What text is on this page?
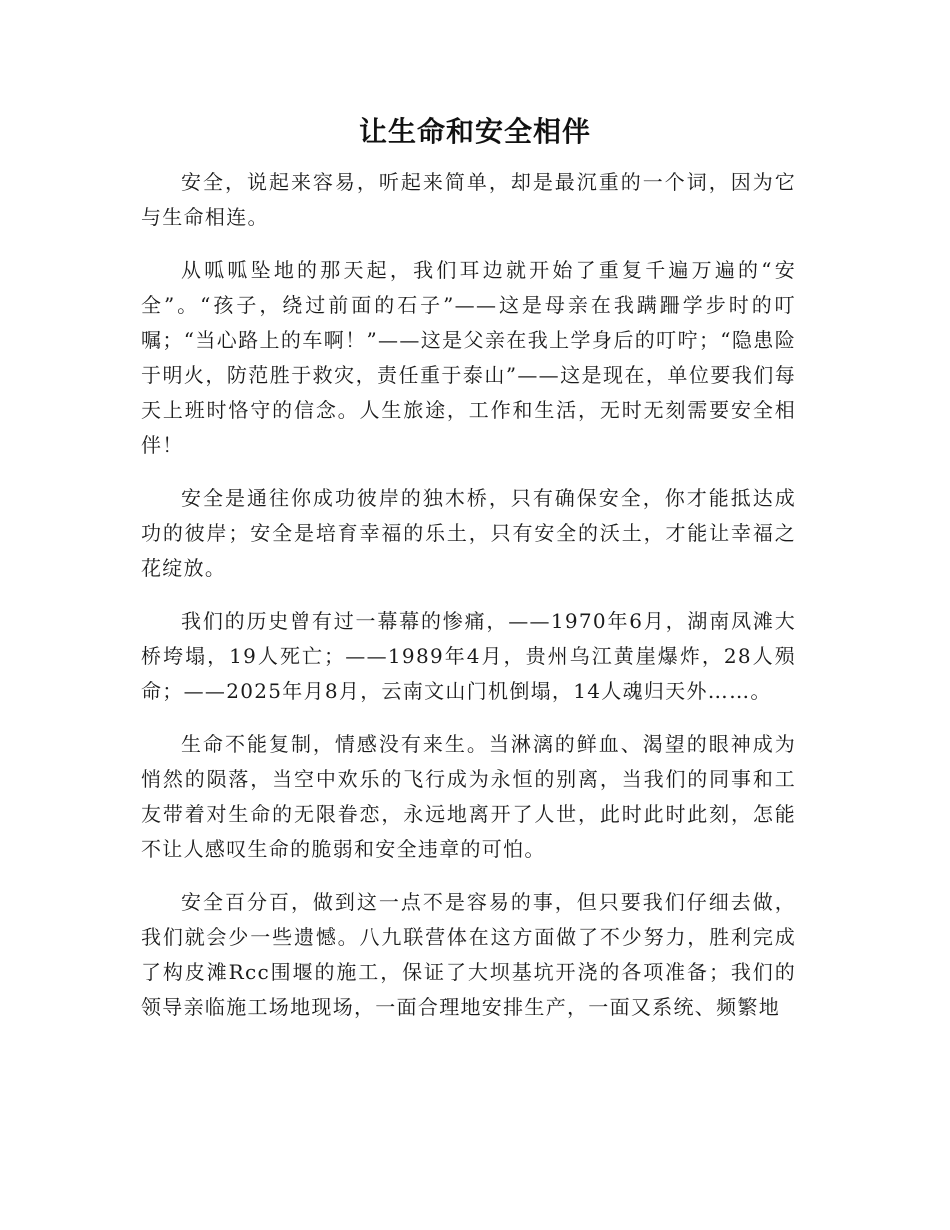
让生命和安全相伴

安全，说起来容易，听起来简单，却是最沉重的一个词，因为它与生命相连。

从呱呱坠地的那天起，我们耳边就开始了重复千遍万遍的“安全”。“孩子，绕过前面的石子”——这是母亲在我蹒跚学步时的叮嘱；“当心路上的车啊！”——这是父亲在我上学身后的叮咛；“隐患险于明火，防范胜于救灾，责任重于泰山”——这是现在，单位要我们每天上班时恪守的信念。人生旅途，工作和生活，无时无刻需要安全相伴！

安全是通往你成功彼岸的独木桥，只有确保安全，你才能抵达成功的彼岸；安全是培育幸福的乐土，只有安全的沃土，才能让幸福之花绽放。

我们的历史曾有过一幕幕的惨痛，——1970年6月，湖南凤滩大桥垮塌，19人死亡；——1989年4月，贵州乌江黄崖爆炸，28人殒命；——2025年月8月，云南文山门机倒塌，14人魂归天外……。

生命不能复制，情感没有来生。当淋漓的鲜血、渴望的眼神成为悄然的陨落，当空中欢乐的飞行成为永恒的别离，当我们的同事和工友带着对生命的无限眷恋，永远地离开了人世，此时此时此刻，怎能不让人感叹生命的脆弱和安全违章的可怕。

安全百分百，做到这一点不是容易的事，但只要我们仔细去做，我们就会少一些遗憾。八九联营体在这方面做了不少努力，胜利完成了构皮滩Rcc围堰的施工，保证了大坝基坑开浇的各项准备；我们的领导亲临施工场地现场，一面合理地安排生产，一面又系统、频繁地
